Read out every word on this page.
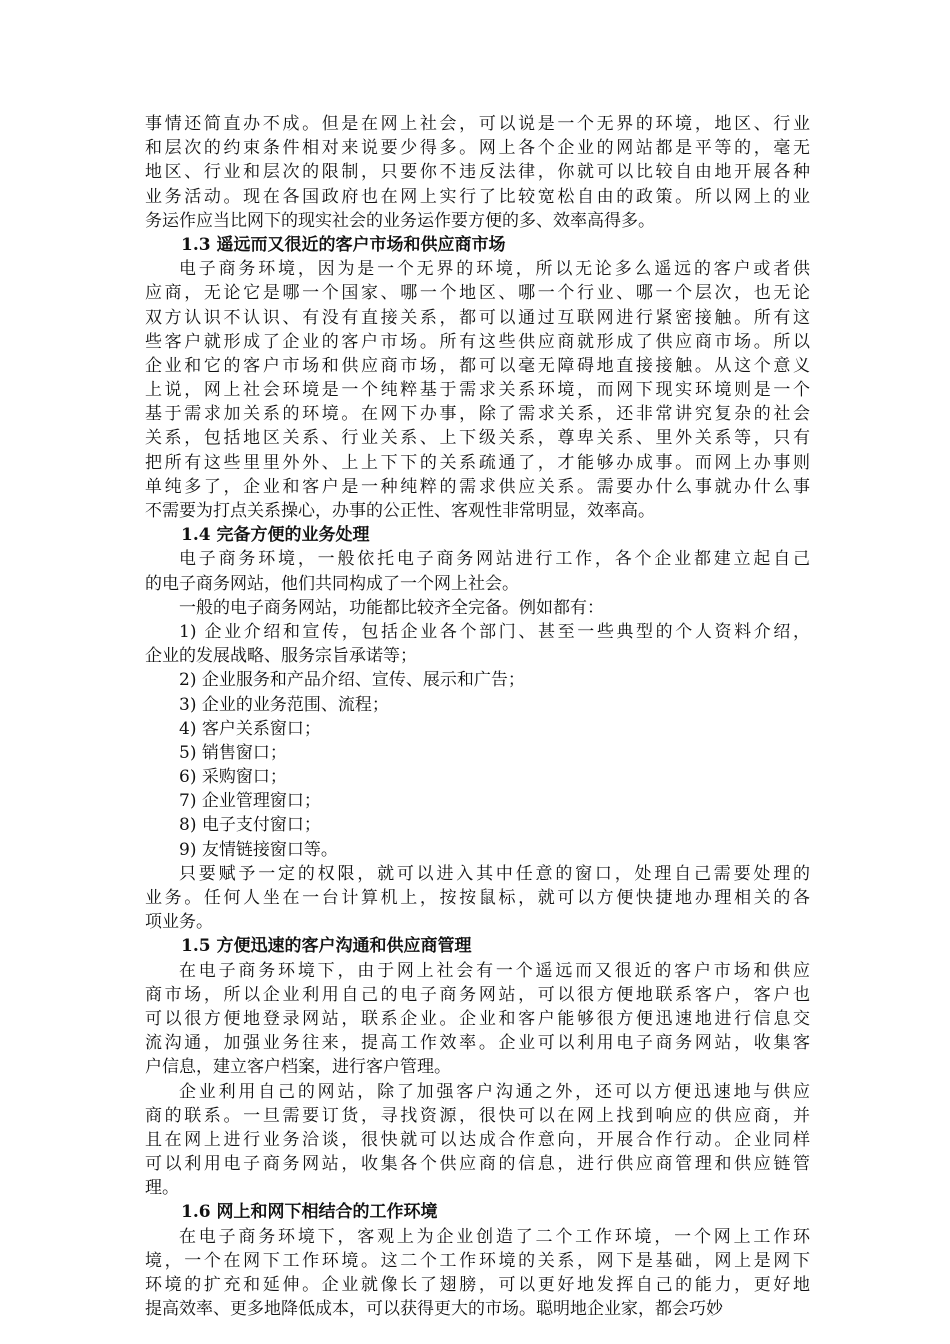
事情还简直办不成。但是在网上社会，可以说是一个无界的环境，地区、行业
和层次的约束条件相对来说要少得多。网上各个企业的网站都是平等的，毫无
地区、行业和层次的限制，只要你不违反法律，你就可以比较自由地开展各种
业务活动。现在各国政府也在网上实行了比较宽松自由的政策。所以网上的业
务运作应当比网下的现实社会的业务运作要方便的多、效率高得多。
1.3 遥远而又很近的客户市场和供应商市场
电子商务环境，因为是一个无界的环境，所以无论多么遥远的客户或者供
应商，无论它是哪一个国家、哪一个地区、哪一个行业、哪一个层次，也无论
双方认识不认识、有没有直接关系，都可以通过互联网进行紧密接触。所有这
些客户就形成了企业的客户市场。所有这些供应商就形成了供应商市场。所以
企业和它的客户市场和供应商市场，都可以毫无障碍地直接接触。从这个意义
上说，网上社会环境是一个纯粹基于需求关系环境，而网下现实环境则是一个
基于需求加关系的环境。在网下办事，除了需求关系，还非常讲究复杂的社会
关系，包括地区关系、行业关系、上下级关系，尊卑关系、里外关系等，只有
把所有这些里里外外、上上下下的关系疏通了，才能够办成事。而网上办事则
单纯多了，企业和客户是一种纯粹的需求供应关系。需要办什么事就办什么事
不需要为打点关系操心，办事的公正性、客观性非常明显，效率高。
1.4 完备方便的业务处理
电子商务环境，一般依托电子商务网站进行工作，各个企业都建立起自己
的电子商务网站，他们共同构成了一个网上社会。
一般的电子商务网站，功能都比较齐全完备。例如都有：
1) 企业介绍和宣传，包括企业各个部门、甚至一些典型的个人资料介绍，
企业的发展战略、服务宗旨承诺等；
2) 企业服务和产品介绍、宣传、展示和广告；
3) 企业的业务范围、流程；
4) 客户关系窗口；
5) 销售窗口；
6) 采购窗口；
7) 企业管理窗口；
8) 电子支付窗口；
9) 友情链接窗口等。
只要赋予一定的权限，就可以进入其中任意的窗口，处理自己需要处理的
业务。任何人坐在一台计算机上，按按鼠标，就可以方便快捷地办理相关的各
项业务。
1.5 方便迅速的客户沟通和供应商管理
在电子商务环境下，由于网上社会有一个遥远而又很近的客户市场和供应
商市场，所以企业利用自己的电子商务网站，可以很方便地联系客户，客户也
可以很方便地登录网站，联系企业。企业和客户能够很方便迅速地进行信息交
流沟通，加强业务往来，提高工作效率。企业可以利用电子商务网站，收集客
户信息，建立客户档案，进行客户管理。
企业利用自己的网站，除了加强客户沟通之外，还可以方便迅速地与供应
商的联系。一旦需要订货，寻找资源，很快可以在网上找到响应的供应商，并
且在网上进行业务洽谈，很快就可以达成合作意向，开展合作行动。企业同样
可以利用电子商务网站，收集各个供应商的信息，进行供应商管理和供应链管
理。
1.6 网上和网下相结合的工作环境
在电子商务环境下，客观上为企业创造了二个工作环境，一个网上工作环
境，一个在网下工作环境。这二个工作环境的关系，网下是基础，网上是网下
环境的扩充和延伸。企业就像长了翅膀，可以更好地发挥自己的能力，更好地
提高效率、更多地降低成本，可以获得更大的市场。聪明地企业家，都会巧妙
